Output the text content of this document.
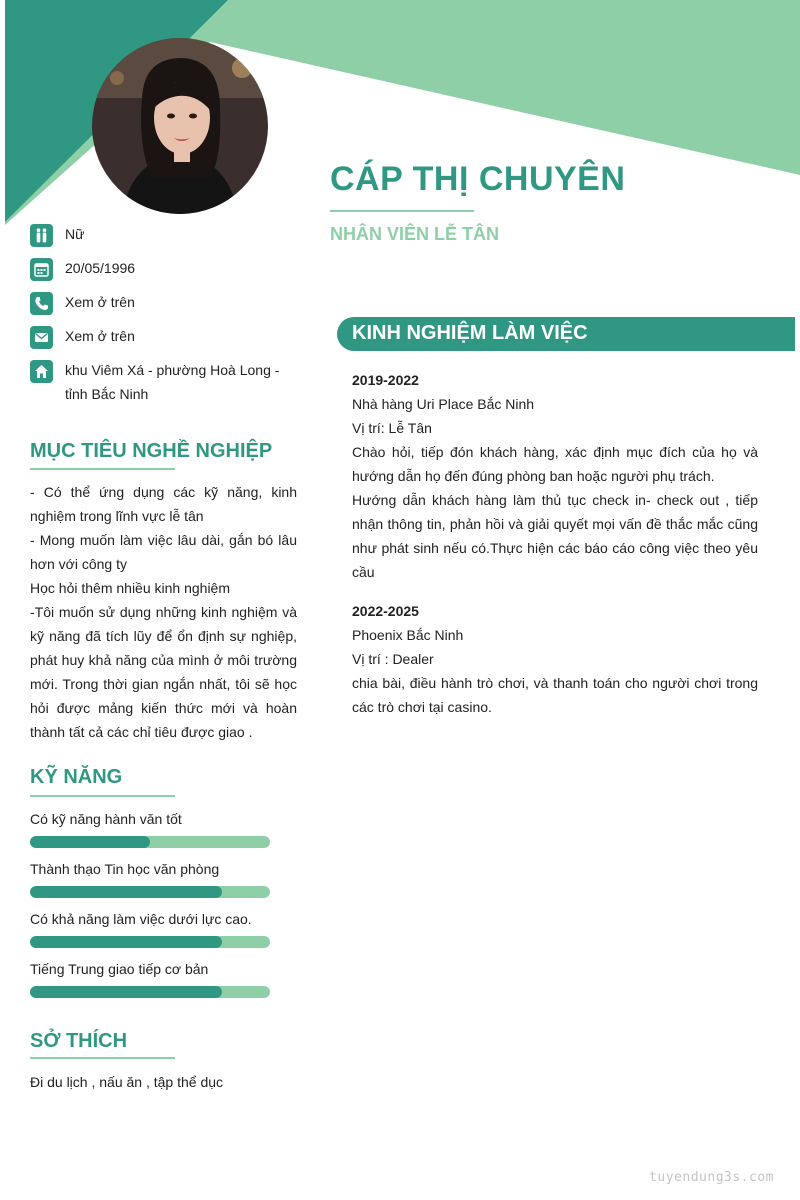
CÁP THỊ CHUYÊN
NHÂN VIÊN LỄ TÂN
Nữ
20/05/1996
Xem ở trên
Xem ở trên
khu Viêm Xá - phường Hoà Long -tỉnh Bắc Ninh
MỤC TIÊU NGHỀ NGHIỆP

- Có thể ứng dụng các kỹ năng, kinh nghiệm trong lĩnh vực lễ tân

- Mong muốn làm việc lâu dài, gắn bó lâu hơn với công ty

Học hỏi thêm nhiều kinh nghiệm

-Tôi muốn sử dụng những kinh nghiệm và kỹ năng đã tích lũy để ổn định sự nghiệp, phát huy khả năng của mình ở môi trường mới. Trong thời gian ngắn nhất, tôi sẽ học hỏi được mảng kiến thức mới và hoàn thành tất cả các chỉ tiêu được giao .

KỸ NĂNG
Có kỹ năng hành văn tốt
Thành thạo Tin học văn phòng
Có khả năng làm việc dưới lực cao.
Tiếng Trung giao tiếp cơ bản
SỞ THÍCH
Đi du lịch , nấu ăn , tập thể dục
KINH NGHIỆM LÀM VIỆC
2019-2022
Nhà hàng Uri Place Bắc Ninh
Vị trí: Lễ Tân
Chào hỏi, tiếp đón khách hàng, xác định mục đích của họ và hướng dẫn họ đến đúng phòng ban hoặc người phụ trách.
Hướng dẫn khách hàng làm thủ tục check in- check out , tiếp nhận thông tin, phản hồi và giải quyết mọi vấn đề thắc mắc cũng như phát sinh nếu có.Thực hiện các báo cáo công việc theo yêu cầu
2022-2025
Phoenix Bắc Ninh
Vị trí : Dealer
chia bài, điều hành trò chơi, và thanh toán cho người chơi trong các trò chơi tại casino.
tuyendung3s.com
